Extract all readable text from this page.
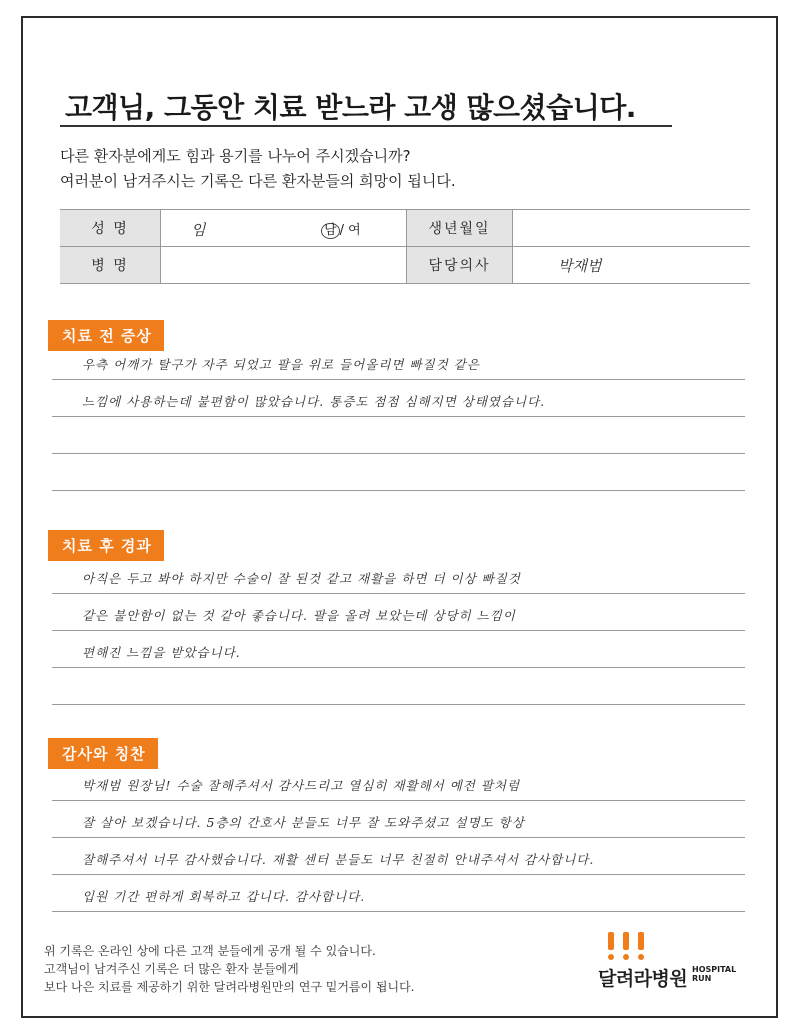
고객님, 그동안 치료 받느라 고생 많으셨습니다.
다른 환자분에게도 힘과 용기를 나누어 주시겠습니까?
여러분이 남겨주시는 기록은 다른 환자분들의 희망이 됩니다.
성 명	임 남 / 여	생년월일	
병 명		담당의사	박재범
치료 전 증상
우측 어깨가 탈구가 자주 되었고 팔을 위로 들어올리면 빠질것 같은
느낌에 사용하는데 불편함이 많았습니다. 통증도 점점 심해지면 상태였습니다.
치료 후 경과
아직은 두고 봐야 하지만 수술이 잘 된것 같고 재활을 하면 더 이상 빠질것
같은 불안함이 없는 것 같아 좋습니다. 팔을 올려 보았는데 상당히 느낌이
편해진 느낌을 받았습니다.
감사와 칭찬
박재범 원장님! 수술 잘해주셔서 감사드리고 열심히 재활해서 예전 팔처럼
잘 살아 보겠습니다. 5층의 간호사 분들도 너무 잘 도와주셨고 설명도 항상
잘해주셔서 너무 감사했습니다. 재활 센터 분들도 너무 친절히 안내주셔서 감사합니다.
입원 기간 편하게 회복하고 갑니다. 감사합니다.
위 기록은 온라인 상에 다른 고객 분들에게 공개 될 수 있습니다.
고객님이 남겨주신 기록은 더 많은 환자 분들에게
보다 나은 치료를 제공하기 위한 달려라병원만의 연구 밑거름이 됩니다.	달려라병원 HOSPITAL
RUN
